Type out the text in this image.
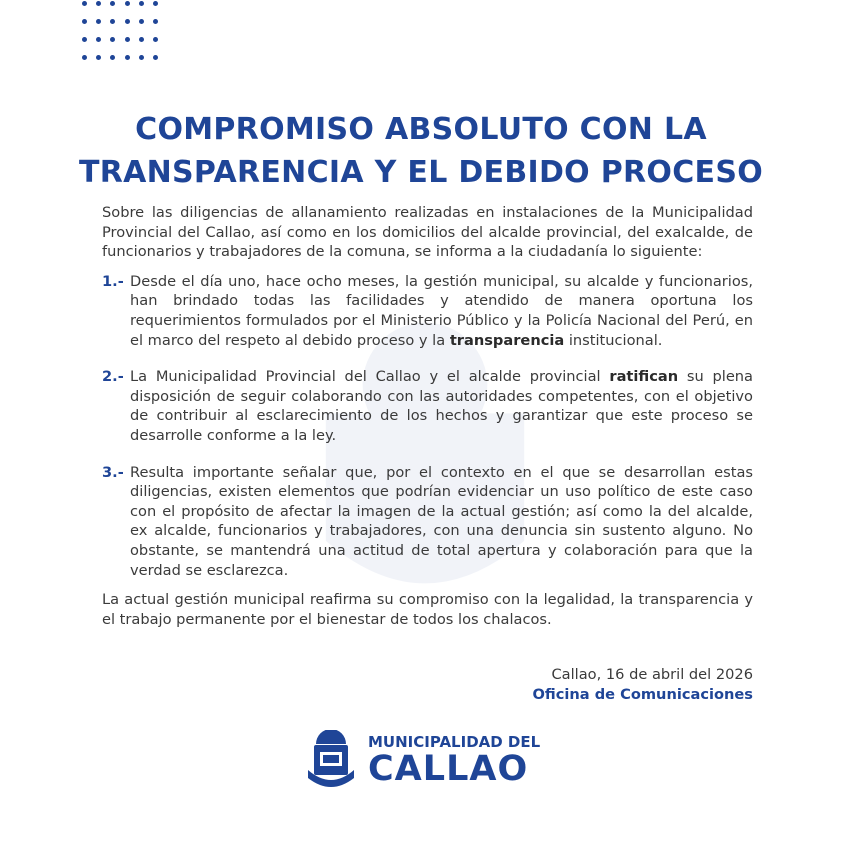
COMPROMISO ABSOLUTO CON LA
TRANSPARENCIA Y EL DEBIDO PROCESO

Sobre las diligencias de allanamiento realizadas en instalaciones de la Municipalidad Provincial del Callao, así como en los domicilios del alcalde provincial, del exalcalde, de funcionarios y trabajadores de la comuna, se informa a la ciudadanía lo siguiente:

1.- Desde el día uno, hace ocho meses, la gestión municipal, su alcalde y funcionarios, han brindado todas las facilidades y atendido de manera oportuna los requerimientos formulados por el Ministerio Público y la Policía Nacional del Perú, en el marco del respeto al debido proceso y la transparencia institucional.
2.- La Municipalidad Provincial del Callao y el alcalde provincial ratifican su plena disposición de seguir colaborando con las autoridades competentes, con el objetivo de contribuir al esclarecimiento de los hechos y garantizar que este proceso se desarrolle conforme a la ley.
3.- Resulta importante señalar que, por el contexto en el que se desarrollan estas diligencias, existen elementos que podrían evidenciar un uso político de este caso con el propósito de afectar la imagen de la actual gestión; así como la del alcalde, ex alcalde, funcionarios y trabajadores, con una denuncia sin sustento alguno. No obstante, se mantendrá una actitud de total apertura y colaboración para que la verdad se esclarezca.

La actual gestión municipal reafirma su compromiso con la legalidad, la transparencia y el trabajo permanente por el bienestar de todos los chalacos.

Callao, 16 de abril del 2026
Oficina de Comunicaciones
MUNICIPALIDAD DEL
CALLAO
